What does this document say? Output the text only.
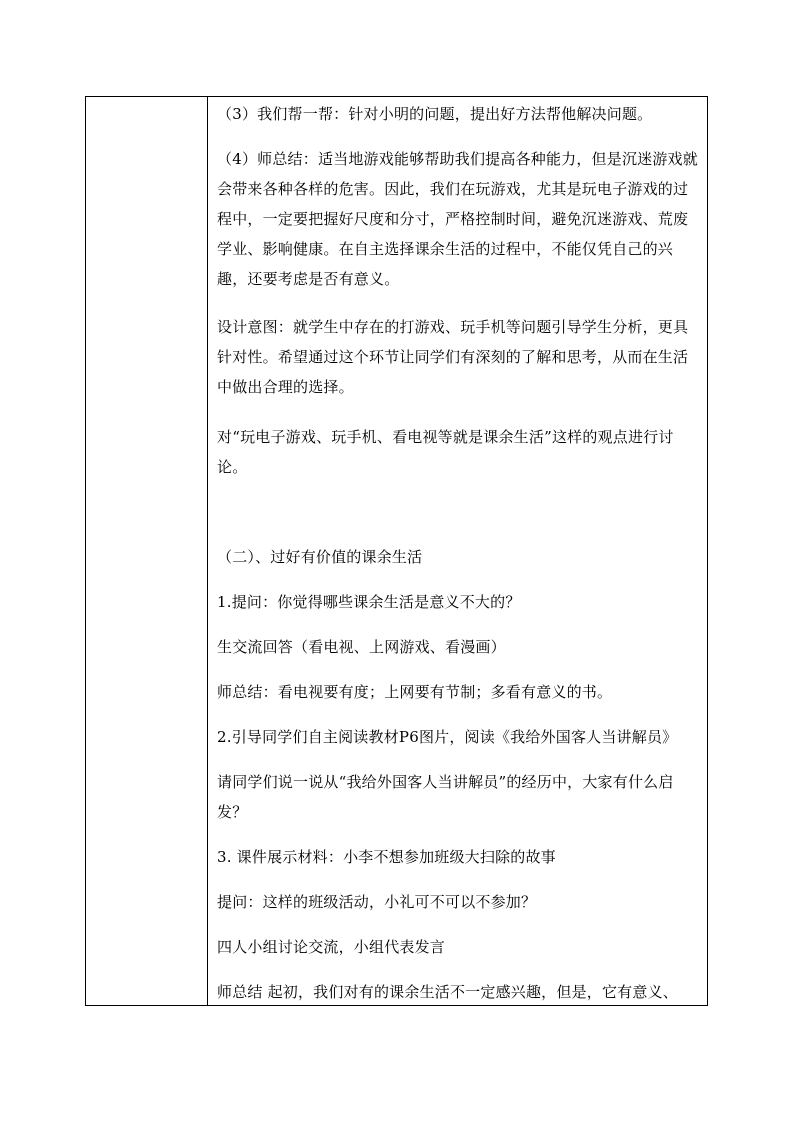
（3）我们帮一帮：针对小明的问题，提出好方法帮他解决问题。

（4）师总结：适当地游戏能够帮助我们提高各种能力，但是沉迷游戏就会带来各种各样的危害。因此，我们在玩游戏，尤其是玩电子游戏的过程中，一定要把握好尺度和分寸，严格控制时间，避免沉迷游戏、荒废学业、影响健康。在自主选择课余生活的过程中，不能仅凭自己的兴趣，还要考虑是否有意义。

设计意图：就学生中存在的打游戏、玩手机等问题引导学生分析，更具针对性。希望通过这个环节让同学们有深刻的了解和思考，从而在生活中做出合理的选择。

对“玩电子游戏、玩手机、看电视等就是课余生活”这样的观点进行讨论。

（二）、过好有价值的课余生活

1.提问：你觉得哪些课余生活是意义不大的？

生交流回答（看电视、上网游戏、看漫画）

师总结：看电视要有度；上网要有节制；多看有意义的书。

2.引导同学们自主阅读教材P6图片，阅读《我给外国客人当讲解员》

请同学们说一说从“我给外国客人当讲解员”的经历中，大家有什么启发？

3. 课件展示材料：小李不想参加班级大扫除的故事

提问：这样的班级活动，小礼可不可以不参加？

四人小组讨论交流，小组代表发言

师总结 起初，我们对有的课余生活不一定感兴趣，但是，它有意义、
